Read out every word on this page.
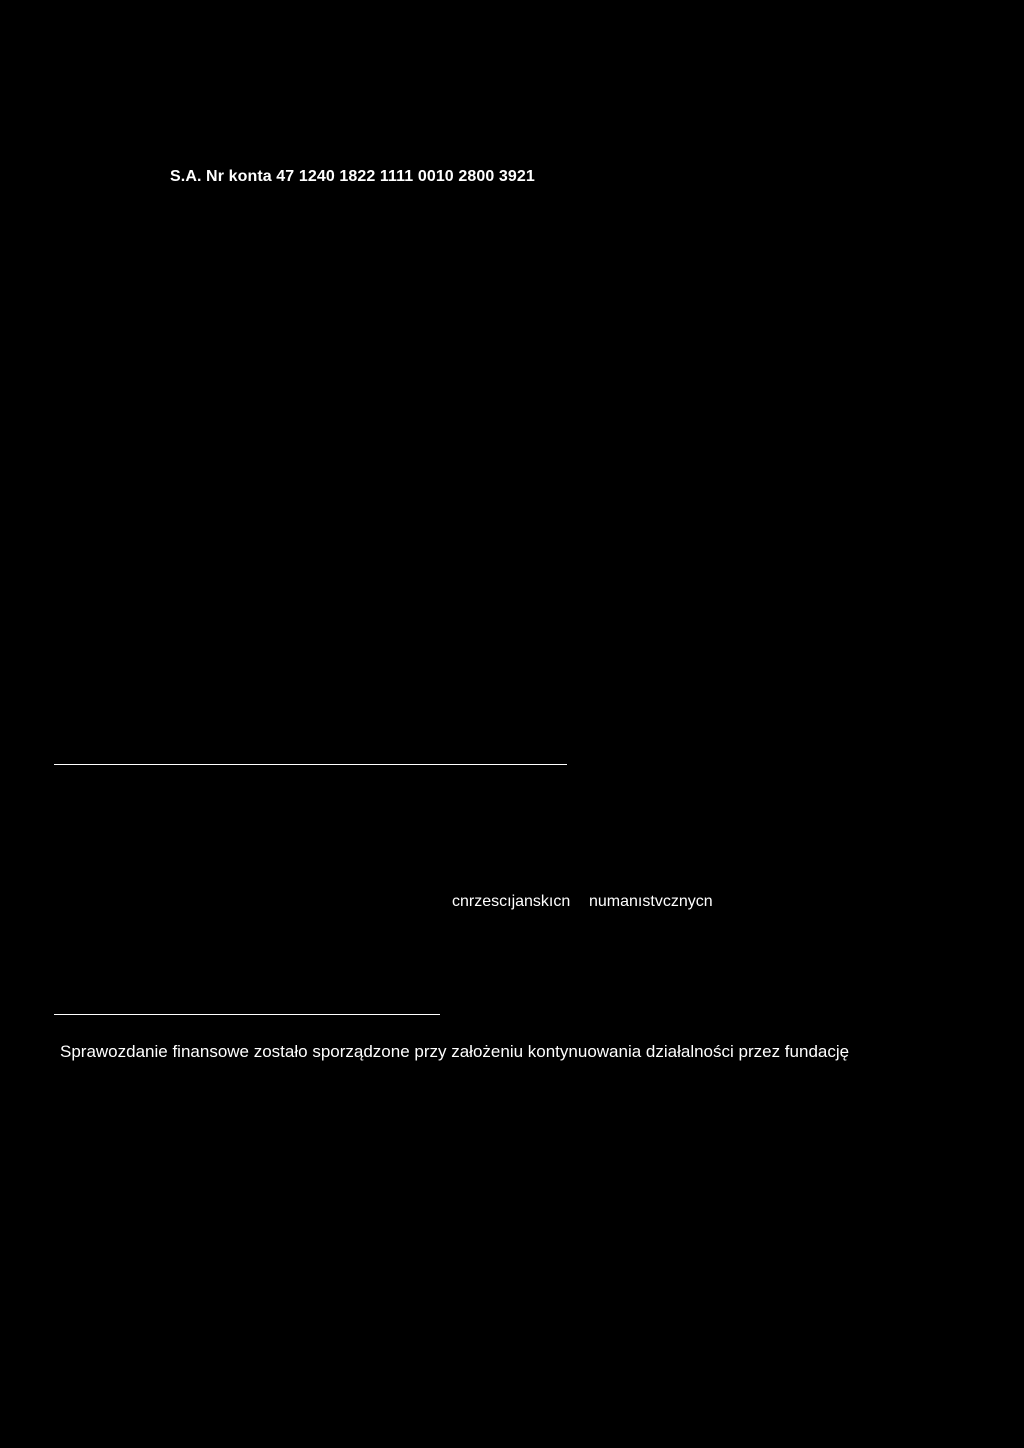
S.A. Nr konta 47 1240 1822 1111 0010 2800 3921
cnrzescıjanskıcn numanıstvcznуcn
Sprawozdanie finansowe zostało sporządzone przy założeniu kontynuowania działalności przez fundację
